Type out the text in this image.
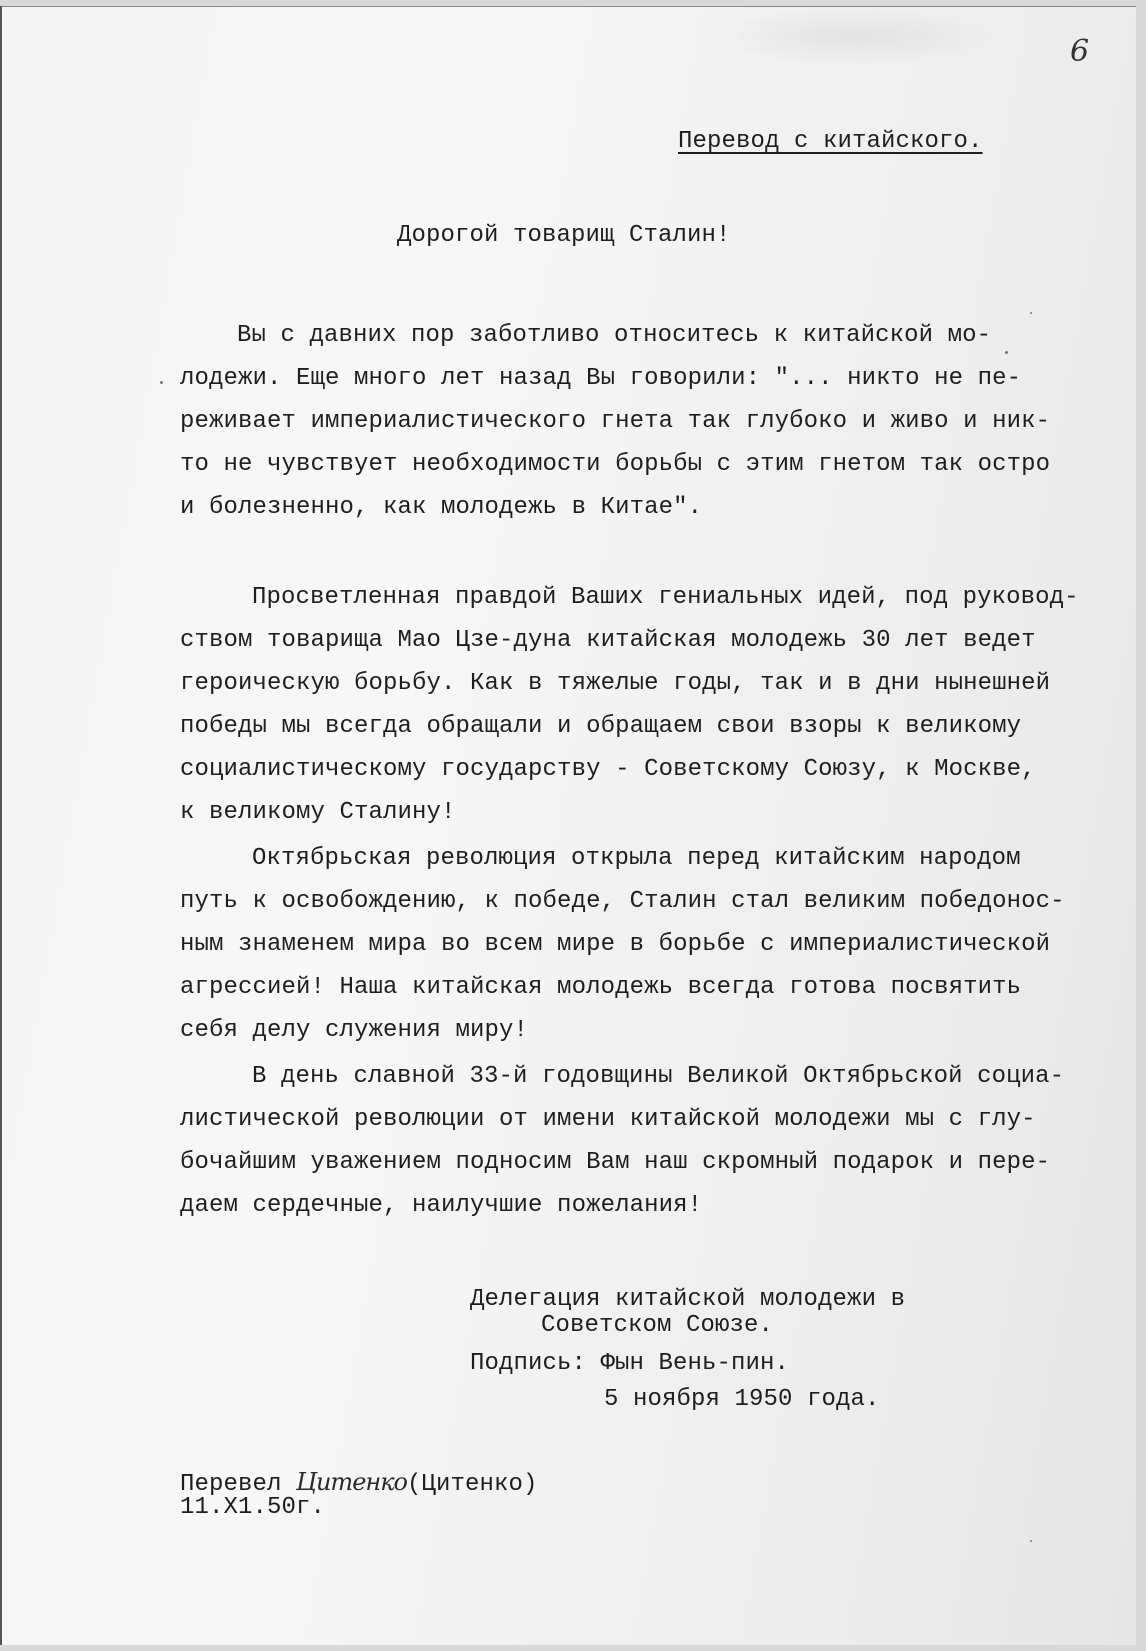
6
Перевод с китайского.
Дорогой товарищ Сталин!
Вы с давних пор заботливо относитесь к китайской мо-
лодежи. Еще много лет назад Вы говорили: "... никто не пе-
реживает империалистического гнета так глубоко и живо и ник-
то не чувствует необходимости борьбы с этим гнетом так остро
и болезненно, как молодежь в Китае".
Просветленная правдой Ваших гениальных идей, под руковод-
ством товарища Мао Цзе-дуна китайская молодежь 30 лет ведет
героическую борьбу. Как в тяжелые годы, так и в дни нынешней
победы мы всегда обращали и обращаем свои взоры к великому
социалистическому государству - Советскому Союзу, к Москве,
к великому Сталину!
Октябрьская революция открыла перед китайским народом
путь к освобождению, к победе, Сталин стал великим победонос-
ным знаменем мира во всем мире в борьбе с империалистической
агрессией! Наша китайская молодежь всегда готова посвятить
себя делу служения миру!
В день славной 33-й годовщины Великой Октябрьской социа-
листической революции от имени китайской молодежи мы с глу-
бочайшим уважением подносим Вам наш скромный подарок и пере-
даем сердечные, наилучшие пожелания!
Делегация китайской молодежи в
Советском Союзе.
Подпись: Фын Вень-пин.
5 ноября 1950 года.
Перевел Цитенко(Цитенко)
11.Х1.50г.
